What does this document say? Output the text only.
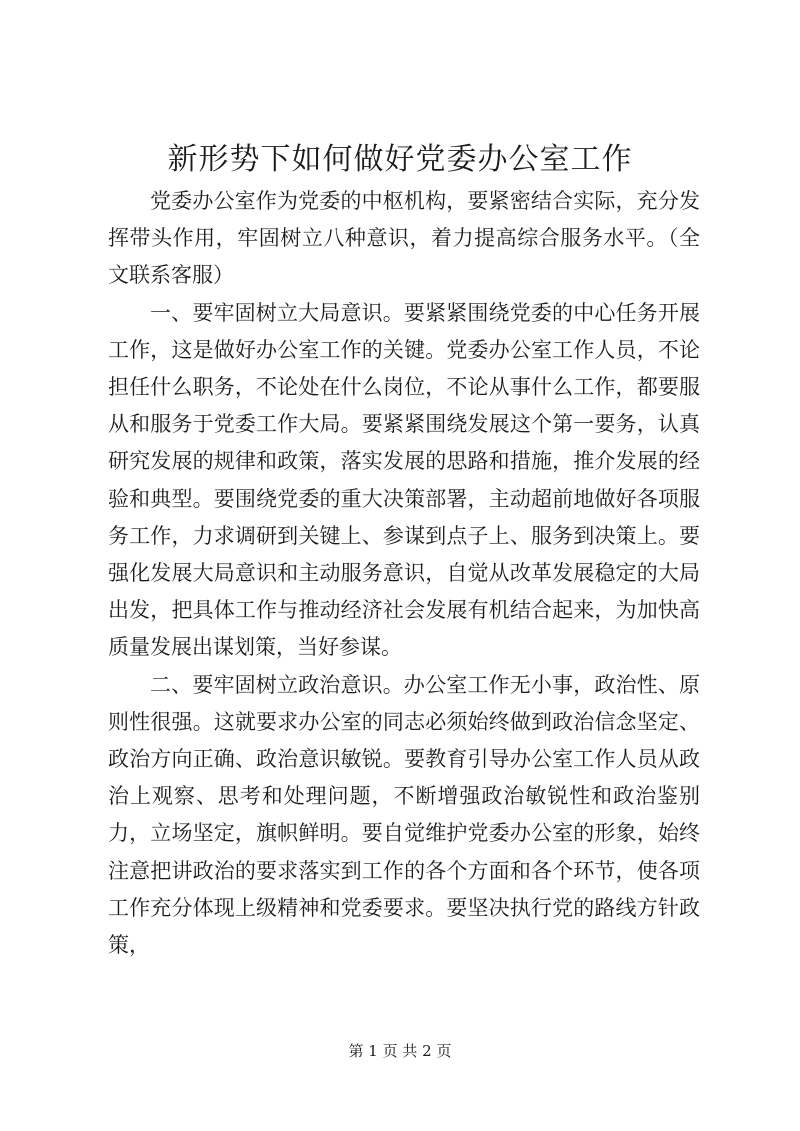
新形势下如何做好党委办公室工作

党委办公室作为党委的中枢机构，要紧密结合实际，充分发挥带头作用，牢固树立八种意识，着力提高综合服务水平。（全文联系客服）

一、要牢固树立大局意识。要紧紧围绕党委的中心任务开展工作，这是做好办公室工作的关键。党委办公室工作人员，不论担任什么职务，不论处在什么岗位，不论从事什么工作，都要服从和服务于党委工作大局。要紧紧围绕发展这个第一要务，认真研究发展的规律和政策，落实发展的思路和措施，推介发展的经验和典型。要围绕党委的重大决策部署，主动超前地做好各项服务工作，力求调研到关键上、参谋到点子上、服务到决策上。要强化发展大局意识和主动服务意识，自觉从改革发展稳定的大局出发，把具体工作与推动经济社会发展有机结合起来，为加快高质量发展出谋划策，当好参谋。

二、要牢固树立政治意识。办公室工作无小事，政治性、原则性很强。这就要求办公室的同志必须始终做到政治信念坚定、政治方向正确、政治意识敏锐。要教育引导办公室工作人员从政治上观察、思考和处理问题，不断增强政治敏锐性和政治鉴别力，立场坚定，旗帜鲜明。要自觉维护党委办公室的形象，始终注意把讲政治的要求落实到工作的各个方面和各个环节，使各项工作充分体现上级精神和党委要求。要坚决执行党的路线方针政策，

第 1 页 共 2 页
